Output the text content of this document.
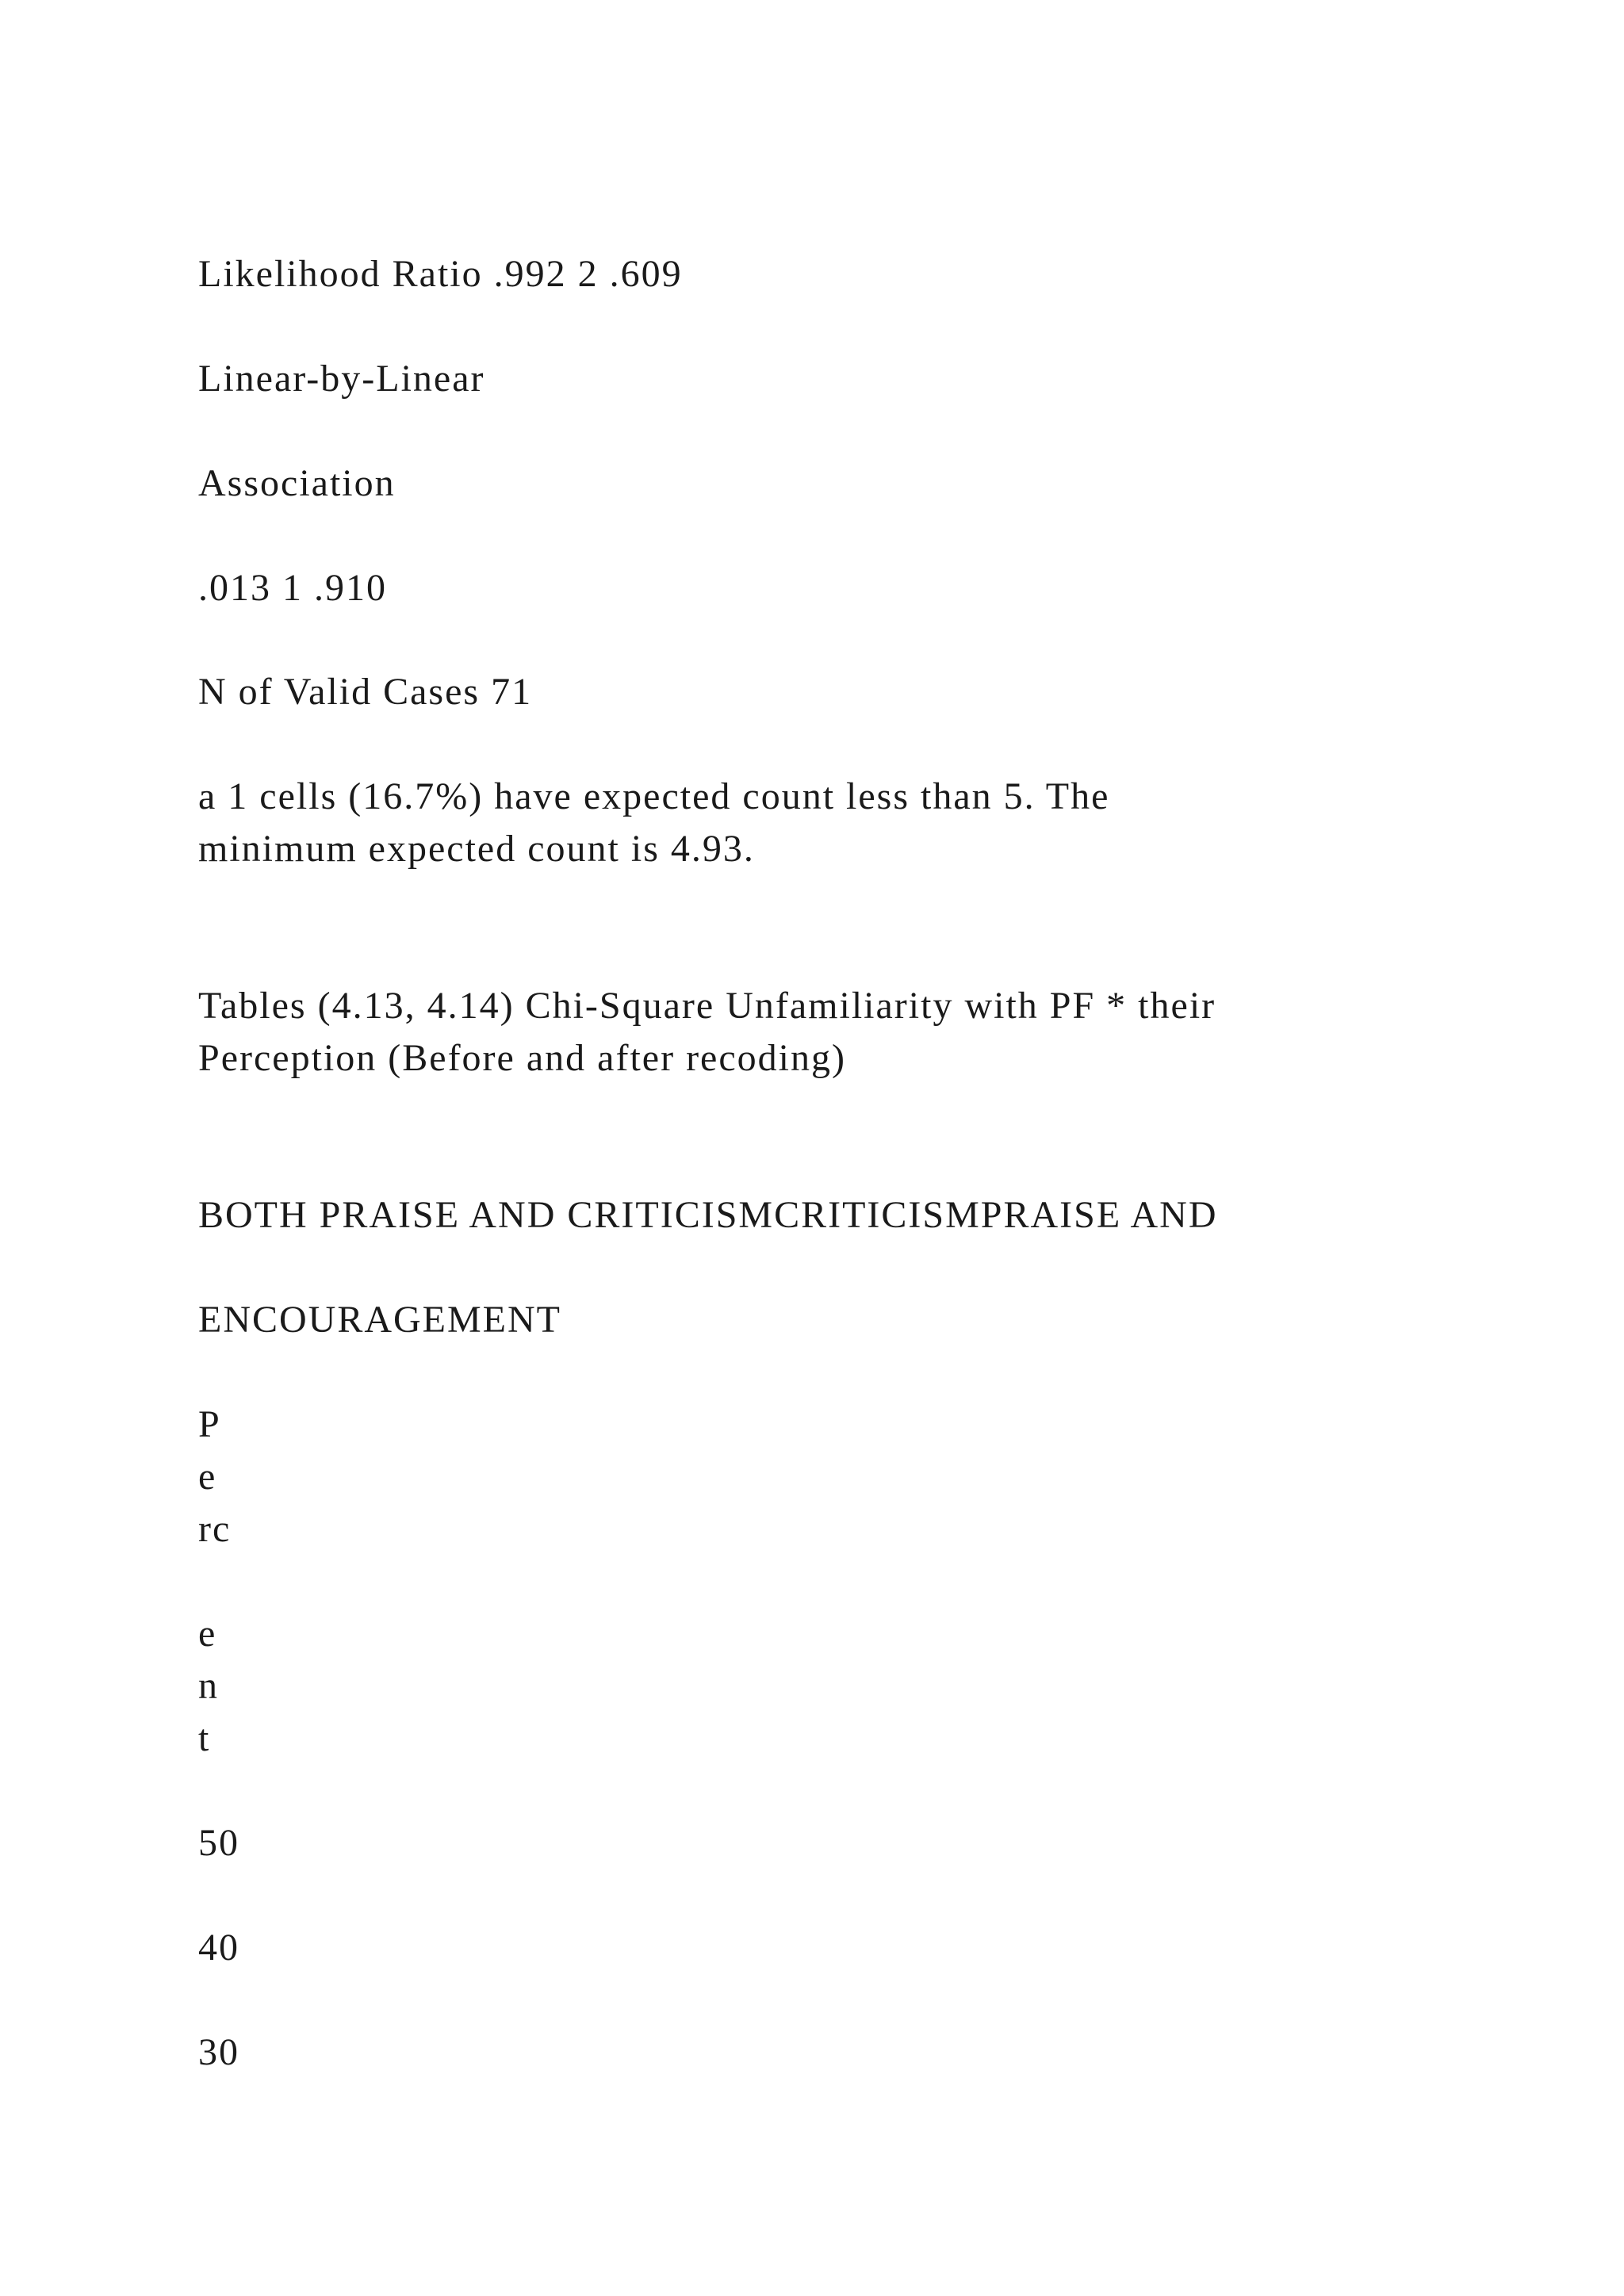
Likelihood Ratio .992 2 .609

Linear-by-Linear

Association

.013 1 .910

N of Valid Cases 71

a 1 cells (16.7%) have expected count less than 5. The

minimum expected count is 4.93.

Tables (4.13, 4.14) Chi-Square Unfamiliarity with PF * their

Perception (Before and after recoding)

BOTH PRAISE AND CRITICISMCRITICISMPRAISE AND

ENCOURAGEMENT

P

e

rc

e

n

t

50

40

30
